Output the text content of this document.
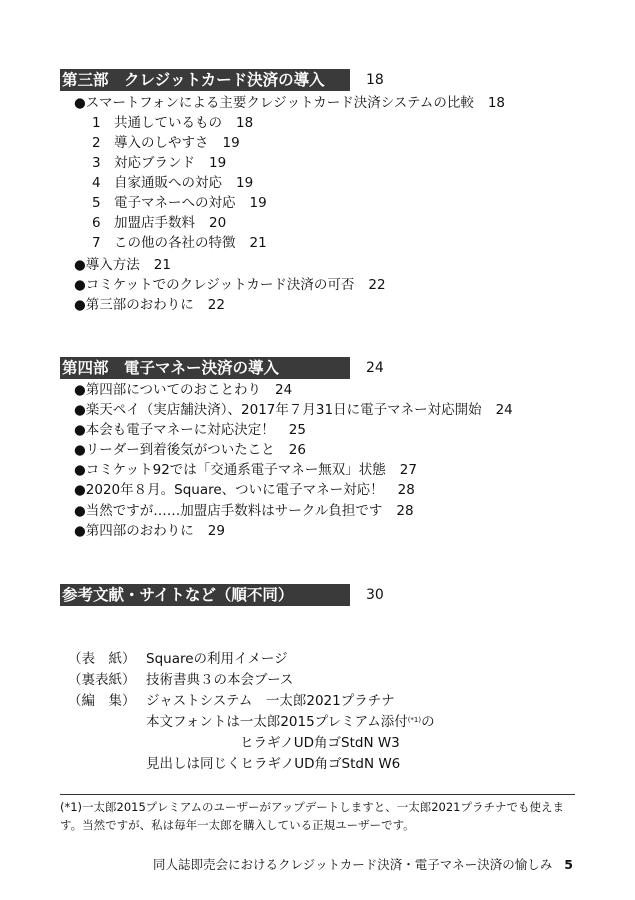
第三部　クレジットカード決済の導入	18
● スマートフォンによる主要クレジットカード決済システムの比較 18
1 共通しているもの 18
2 導入のしやすさ 19
3 対応ブランド 19
4 自家通販への対応 19
5 電子マネーへの対応 19
6 加盟店手数料 20
7 この他の各社の特徴 21
● 導入方法 21
● コミケットでのクレジットカード決済の可否 22
● 第三部のおわりに 22
第四部　電子マネー決済の導入	24
● 第四部についてのおことわり 24
● 楽天ペイ（実店舗決済）、2017年７月31日に電子マネー対応開始 24
● 本会も電子マネーに対応決定！ 25
● リーダー到着後気がついたこと 26
● コミケット92では「交通系電子マネー無双」状態 27
● 2020年８月。Square、ついに電子マネー対応！ 28
● 当然ですが……加盟店手数料はサークル負担です 28
● 第四部のおわりに 29
参考文献・サイトなど（順不同）	30
（表　紙） Squareの利用イメージ
（裏表紙） 技術書典３の本会ブース
（編　集） ジャストシステム　一太郎2021プラチナ
本文フォントは一太郎2015プレミアム添付$^{(*1)}$の
ヒラギノUD角ゴStdN W3
見出しは同じくヒラギノUD角ゴStdN W6
(*1)一太郎2015プレミアムのユーザーがアップデートしますと、一太郎2021プラチナでも使えます。当然ですが、私は毎年一太郎を購入している正規ユーザーです。
同人誌即売会におけるクレジットカード決済・電子マネー決済の愉しみ 5
